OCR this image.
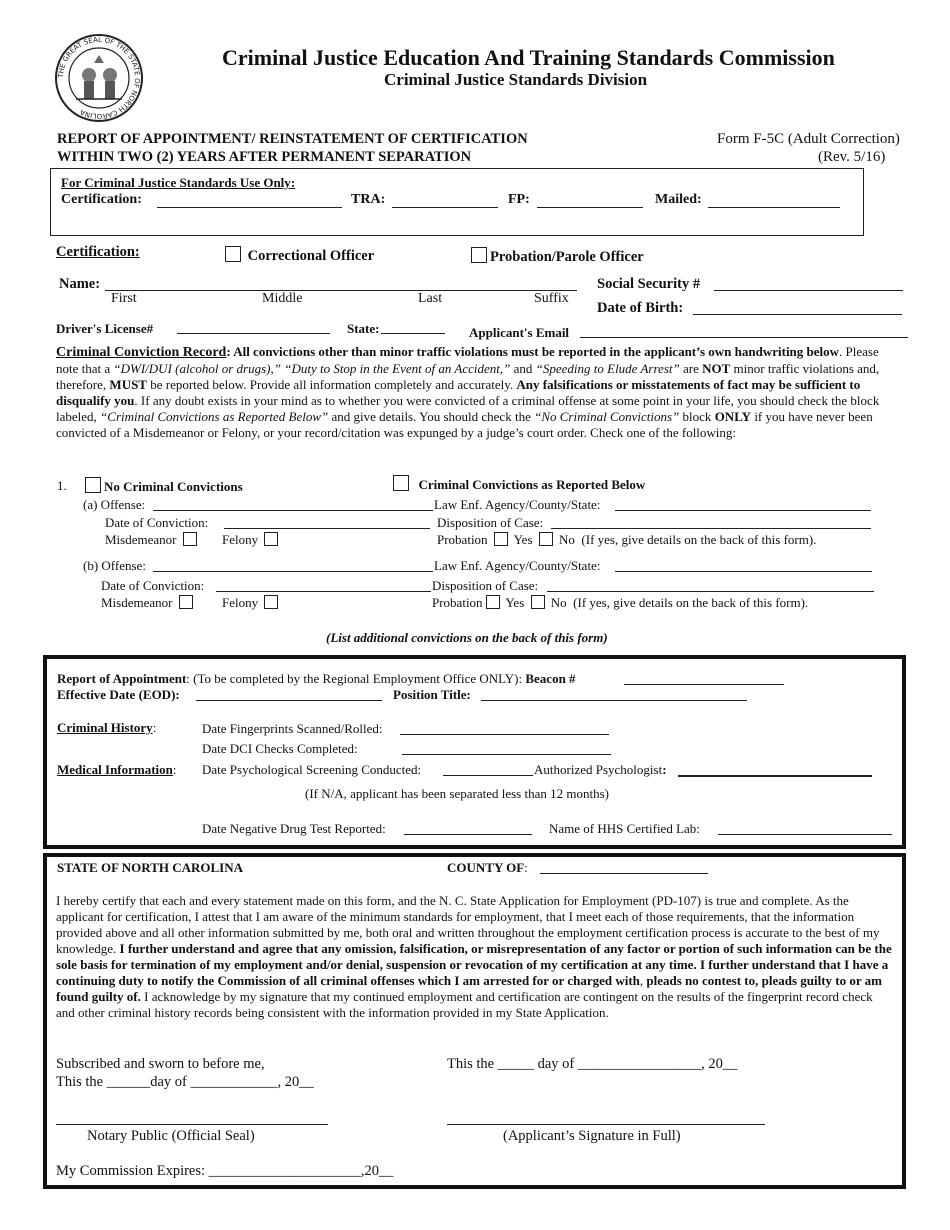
THE GREAT SEAL OF THE STATE OF NORTH CAROLINA
Criminal Justice Education And Training Standards Commission
Criminal Justice Standards Division
REPORT OF APPOINTMENT/ REINSTATEMENT OF CERTIFICATION
WITHIN TWO (2) YEARS AFTER PERMANENT SEPARATION
Form F-5C (Adult Correction)
(Rev. 5/16)
For Criminal Justice Standards Use Only:
Certification:	TRA:	FP:	Mailed:
Certification:	Correctional Officer	Probation/Parole Officer
Name:
First	Middle	Last	Suffix
Social Security #
Date of Birth:
Driver's License#	State:	Applicant's Email
Criminal Conviction Record: All convictions other than minor traffic violations must be reported in the applicant’s own handwriting below. Please note that a “DWI/DUI (alcohol or drugs),” “Duty to Stop in the Event of an Accident,” and “Speeding to Elude Arrest” are NOT minor traffic violations and, therefore, MUST be reported below. Provide all information completely and accurately. Any falsifications or misstatements of fact may be sufficient to disqualify you. If any doubt exists in your mind as to whether you were convicted of a criminal offense at some point in your life, you should check the block labeled, “Criminal Convictions as Reported Below” and give details. You should check the “No Criminal Convictions” block ONLY if you have never been convicted of a Misdemeanor or Felony, or your record/citation was expunged by a judge’s court order. Check one of the following:
1.	No Criminal Convictions	Criminal Convictions as Reported Below
(a) Offense:	Law Enf. Agency/County/State:
Date of Conviction:	Disposition of Case:
Misdemeanor	Felony	Probation Yes No (If yes, give details on the back of this form).
(b) Offense:	Law Enf. Agency/County/State:
Date of Conviction:	Disposition of Case:
Misdemeanor	Felony	Probation Yes No (If yes, give details on the back of this form).
(List additional convictions on the back of this form)
Report of Appointment: (To be completed by the Regional Employment Office ONLY): Beacon #
Effective Date (EOD):	Position Title:
Criminal History:	Date Fingerprints Scanned/Rolled:
Date DCI Checks Completed:
Medical Information: Date Psychological Screening Conducted:	Authorized Psychologist:
(If N/A, applicant has been separated less than 12 months)
Date Negative Drug Test Reported:	Name of HHS Certified Lab:
STATE OF NORTH CAROLINA	COUNTY OF:
I hereby certify that each and every statement made on this form, and the N. C. State Application for Employment (PD-107) is true and complete. As the applicant for certification, I attest that I am aware of the minimum standards for employment, that I meet each of those requirements, that the information provided above and all other information submitted by me, both oral and written throughout the employment certification process is accurate to the best of my knowledge. I further understand and agree that any omission, falsification, or misrepresentation of any factor or portion of such information can be the sole basis for termination of my employment and/or denial, suspension or revocation of my certification at any time. I further understand that I have a continuing duty to notify the Commission of all criminal offenses which I am arrested for or charged with, pleads no contest to, pleads guilty to or am found guilty of. I acknowledge by my signature that my continued employment and certification are contingent on the results of the fingerprint record check and other criminal history records being consistent with the information provided in my State Application.
Subscribed and sworn to before me,
This the ______day of ____________, 20__
This the _____ day of _________________, 20__
Notary Public (Official Seal)	(Applicant’s Signature in Full)
My Commission Expires: _____________________,20__
